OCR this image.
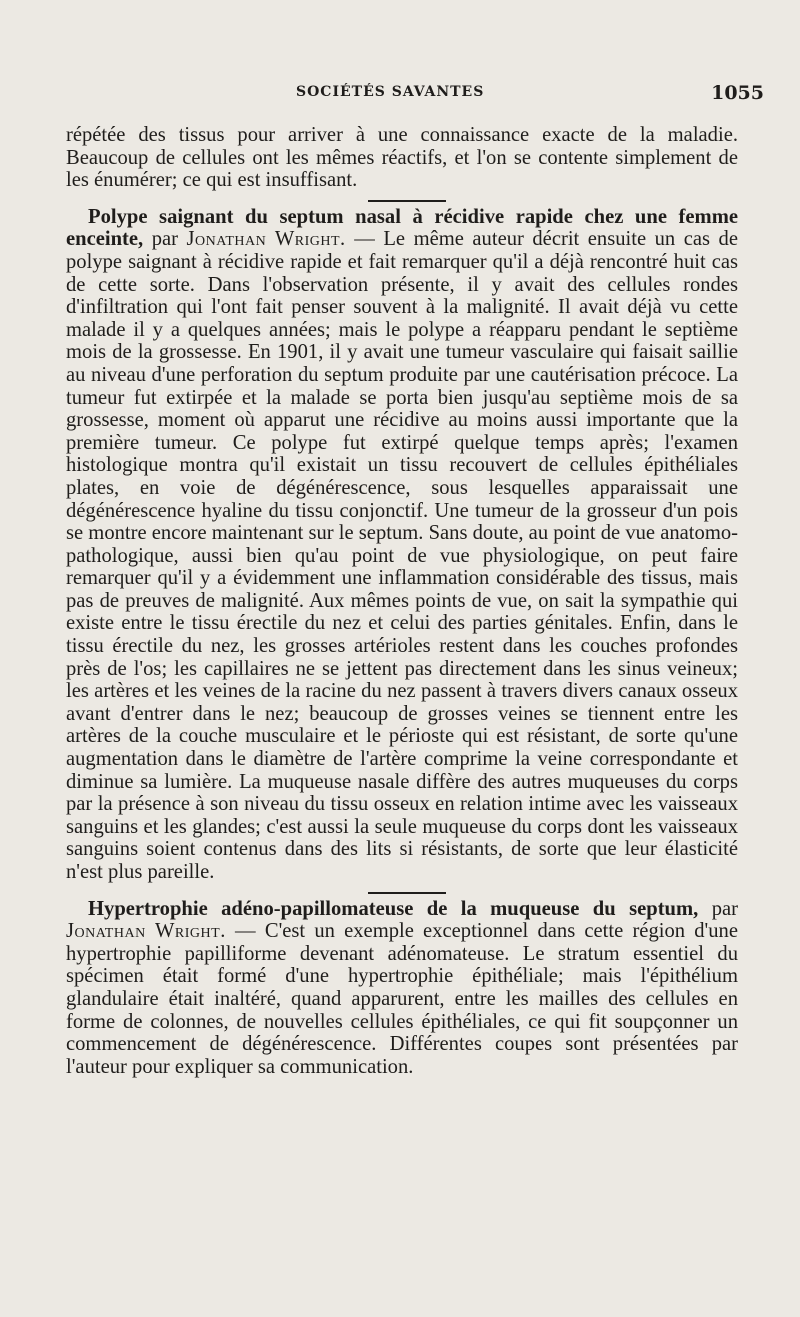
SOCIÉTÉS SAVANTES	1055

répétée des tissus pour arriver à une connaissance exacte de la maladie. Beaucoup de cellules ont les mêmes réactifs, et l'on se contente simplement de les énumérer; ce qui est insuffisant.

Polype saignant du septum nasal à récidive rapide chez une femme enceinte, par Jonathan Wright. — Le même auteur décrit ensuite un cas de polype saignant à récidive rapide et fait remarquer qu'il a déjà rencontré huit cas de cette sorte. Dans l'observation présente, il y avait des cellules rondes d'infiltration qui l'ont fait penser souvent à la malignité. Il avait déjà vu cette malade il y a quelques années; mais le polype a réapparu pendant le septième mois de la grossesse. En 1901, il y avait une tumeur vasculaire qui faisait saillie au niveau d'une perforation du septum produite par une cautérisation précoce. La tumeur fut extirpée et la malade se porta bien jusqu'au septième mois de sa grossesse, moment où apparut une récidive au moins aussi importante que la première tumeur. Ce polype fut extirpé quelque temps après; l'examen histologique montra qu'il existait un tissu recouvert de cellules épithéliales plates, en voie de dégénérescence, sous lesquelles apparaissait une dégénérescence hyaline du tissu conjonctif. Une tumeur de la grosseur d'un pois se montre encore maintenant sur le septum. Sans doute, au point de vue anatomo-pathologique, aussi bien qu'au point de vue physiologique, on peut faire remarquer qu'il y a évidemment une inflammation considérable des tissus, mais pas de preuves de malignité. Aux mêmes points de vue, on sait la sympathie qui existe entre le tissu érectile du nez et celui des parties génitales. Enfin, dans le tissu érectile du nez, les grosses artérioles restent dans les couches profondes près de l'os; les capillaires ne se jettent pas directement dans les sinus veineux; les artères et les veines de la racine du nez passent à travers divers canaux osseux avant d'entrer dans le nez; beaucoup de grosses veines se tiennent entre les artères de la couche musculaire et le périoste qui est résistant, de sorte qu'une augmentation dans le diamètre de l'artère comprime la veine correspondante et diminue sa lumière. La muqueuse nasale diffère des autres muqueuses du corps par la présence à son niveau du tissu osseux en relation intime avec les vaisseaux sanguins et les glandes; c'est aussi la seule muqueuse du corps dont les vaisseaux sanguins soient contenus dans des lits si résistants, de sorte que leur élasticité n'est plus pareille.

Hypertrophie adéno-papillomateuse de la muqueuse du septum, par Jonathan Wright. — C'est un exemple exceptionnel dans cette région d'une hypertrophie papilliforme devenant adénomateuse. Le stratum essentiel du spécimen était formé d'une hypertrophie épithéliale; mais l'épithélium glandulaire était inaltéré, quand apparurent, entre les mailles des cellules en forme de colonnes, de nouvelles cellules épithéliales, ce qui fit soupçonner un commencement de dégénérescence. Différentes coupes sont présentées par l'auteur pour expliquer sa communication.
